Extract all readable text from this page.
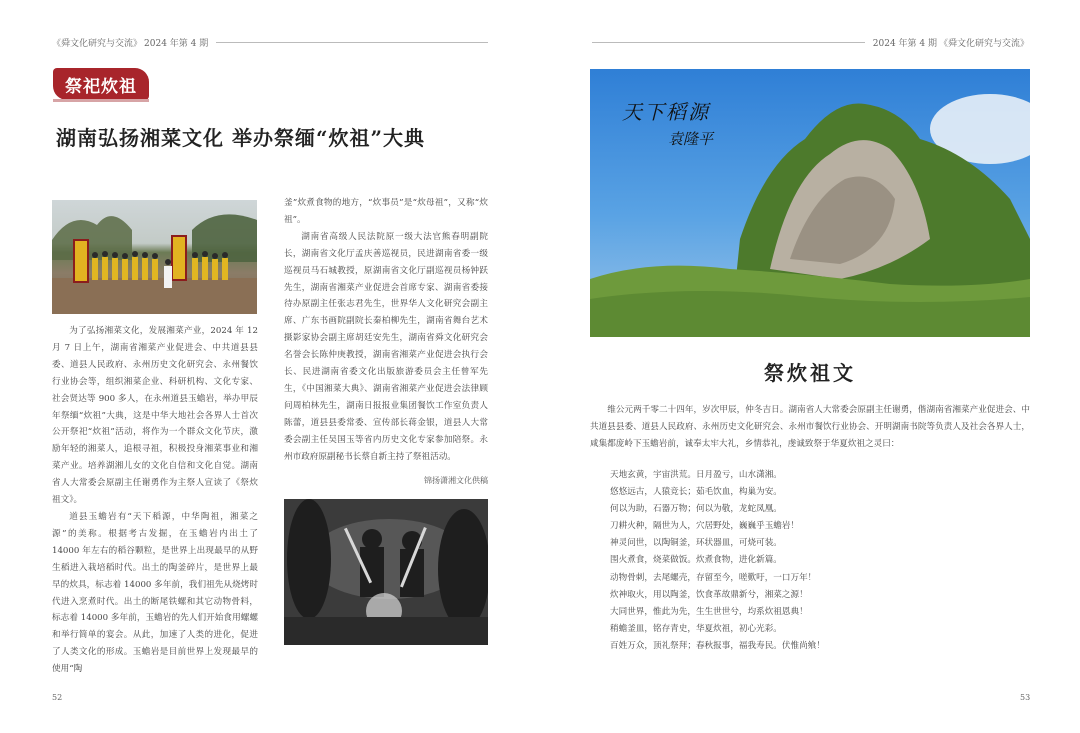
《舜文化研究与交流》 2024 年第 4 期
祭祀炊祖
湖南弘扬湘菜文化 举办祭缅“炊祖”大典

为了弘扬湘菜文化，发展湘菜产业，2024 年 12 月 7 日上午，湖南省湘菜产业促进会、中共道县县委、道县人民政府、永州历史文化研究会、永州餐饮行业协会等，组织湘菜企业、科研机构、文化专家、社会贤达等 900 多人，在永州道县玉蟾岩，举办甲辰年祭缅“炊祖”大典，这是中华大地社会各界人士首次公开祭祀“炊祖”活动，将作为一个群众文化节庆，激励年轻的湘菜人，追根寻祖，积极投身湘菜事业和湘菜产业。培养湖湘儿女的文化自信和文化自觉。湖南省人大常委会原副主任谢勇作为主祭人宣读了《祭炊祖文》。

道县玉蟾岩有“天下稻源，中华陶祖，湘菜之源”的美称。根据考古发掘，在玉蟾岩内出土了 14000 年左右的稻谷颗粒，是世界上出现最早的从野生稻进入栽培稻时代。出土的陶釜碎片，是世界上最早的炊具，标志着 14000 多年前，我们祖先从烧烤时代进入烹煮时代。出土的断尾铁螺和其它动物骨料，标志着 14000 多年前，玉蟾岩的先人们开始食用螺螺和举行简单的宴会。从此，加速了人类的进化，促进了人类文化的形成。玉蟾岩是目前世界上发现最早的使用“陶

釜”炊煮食物的地方，“炊事员”是“炊母祖”，又称“炊祖”。

湖南省高级人民法院原一级大法官熊春明副院长，湖南省文化厅孟庆善巡视员，民进湖南省委一级巡视员马石城教授，原湖南省文化厅副巡视员杨钟跃先生，湖南省湘菜产业促进会首席专家、湖南省委接待办原副主任张志君先生，世界华人文化研究会副主席、广东书画院副院长秦柏柳先生，湖南省舞台艺术摄影家协会副主席胡廷安先生，湖南省舜文化研究会名誉会长陈仲庚教授，湖南省湘菜产业促进会执行会长、民进湖南省委文化出版旅游委员会主任曾军先生，《中国湘菜大典》、湖南省湘菜产业促进会法律顾问周柏林先生，湖南日报报业集团餐饮工作室负责人陈蕾，道县县委常委、宣传部长蒋金银，道县人大常委会副主任吴国玉等省内历史文化专家参加陪祭。永州市政府原副秘书长蔡自新主持了祭祖活动。

锦扬潇湘文化供稿
52
2024 年第 4 期 《舜文化研究与交流》
53
天下稻源
袁隆平
祭炊祖文
维公元两千零二十四年，岁次甲辰，仲冬吉日。湖南省人大常委会原副主任谢勇，偕湖南省湘菜产业促进会、中共道县县委、道县人民政府、永州历史文化研究会、永州市餐饮行业协会、开明湖南书院等负责人及社会各界人士，咸集都庞岭下玉蟾岩前，诚奉太牢大礼，乡情恭礼，虔诚致祭于华夏炊祖之灵曰：
天地玄黄，宇宙洪荒。日月盈亏，山水潇湘。
悠悠远古，人猿竞长；茹毛饮血，构巢为安。
何以为助，石器万物；何以为敬，龙蛇凤凰。
刀耕火种，隔世为人，穴居野处，巍巍乎玉蟾岩！
神灵问世，以陶铜釜，环状器皿，可烧可装。
围火煮食，烧菜做饭。炊煮食物，进化新篇。
动物骨刺，去尾螺壳，存留至今，嗟歎吁，一口万年！
炊神取火，用以陶釜，饮食革故鼎新兮，湘菜之源！
大同世界，惟此为先，生生世世兮，均系炊祖恩典！
稍蟾釜皿，铭存青史，华夏炊祖，初心光彩。
百姓万众，顶礼祭拜；春秋报事，福我寿民。伏惟尚飨！
